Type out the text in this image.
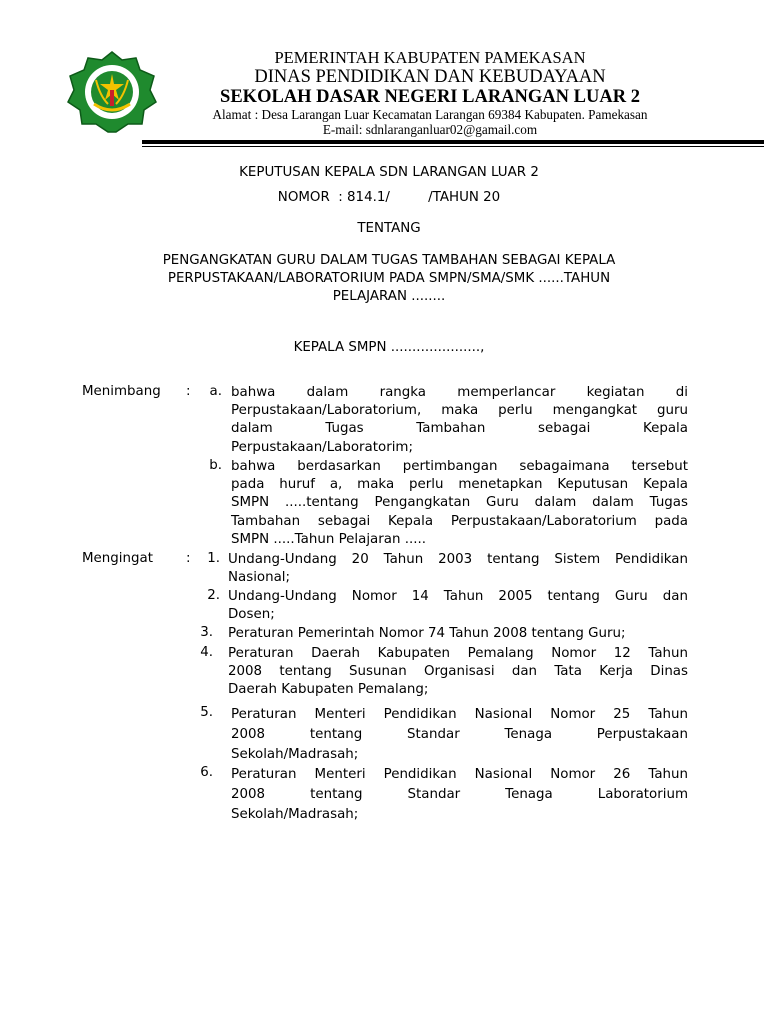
PEMERINTAH KABUPATEN PAMEKASAN
DINAS PENDIDIKAN DAN KEBUDAYAAN
SEKOLAH DASAR NEGERI LARANGAN LUAR 2
Alamat : Desa Larangan Luar Kecamatan Larangan 69384 Kabupaten. Pamekasan
E-mail: sdnlaranganluar02@gamail.com
KEPUTUSAN KEPALA SDN LARANGAN LUAR 2
NOMOR  : 814.1/         /TAHUN 20
TENTANG
PENGANGKATAN GURU DALAM TUGAS TAMBAHAN SEBAGAI KEPALA
PERPUSTAKAAN/LABORATORIUM PADA SMPN/SMA/SMK ......TAHUN
PELAJARAN ........
KEPALA SMPN .....................,
Menimbang :	a. bahwa dalam rangka memperlancar kegiatan di
Perpustakaan/Laboratorium, maka perlu mengangkat guru
dalam Tugas Tambahan sebagai Kepala
Perpustakaan/Laboratorim;
b. bahwa berdasarkan pertimbangan sebagaimana tersebut
pada huruf a, maka perlu menetapkan Keputusan Kepala
SMPN .....tentang Pengangkatan Guru dalam dalam Tugas
Tambahan sebagai Kepala Perpustakaan/Laboratorium pada
SMPN .....Tahun Pelajaran .....
Mengingat :	1. Undang-Undang 20 Tahun 2003 tentang Sistem Pendidikan
Nasional;
2. Undang-Undang Nomor 14 Tahun 2005 tentang Guru dan
Dosen;
3. Peraturan Pemerintah Nomor 74 Tahun 2008 tentang Guru;
4. Peraturan Daerah Kabupaten Pemalang Nomor 12 Tahun
2008 tentang Susunan Organisasi dan Tata Kerja Dinas
Daerah Kabupaten Pemalang;
5. Peraturan Menteri Pendidikan Nasional Nomor 25 Tahun
2008 tentang Standar Tenaga Perpustakaan
Sekolah/Madrasah;
6. Peraturan Menteri Pendidikan Nasional Nomor 26 Tahun
2008 tentang Standar Tenaga Laboratorium
Sekolah/Madrasah;
